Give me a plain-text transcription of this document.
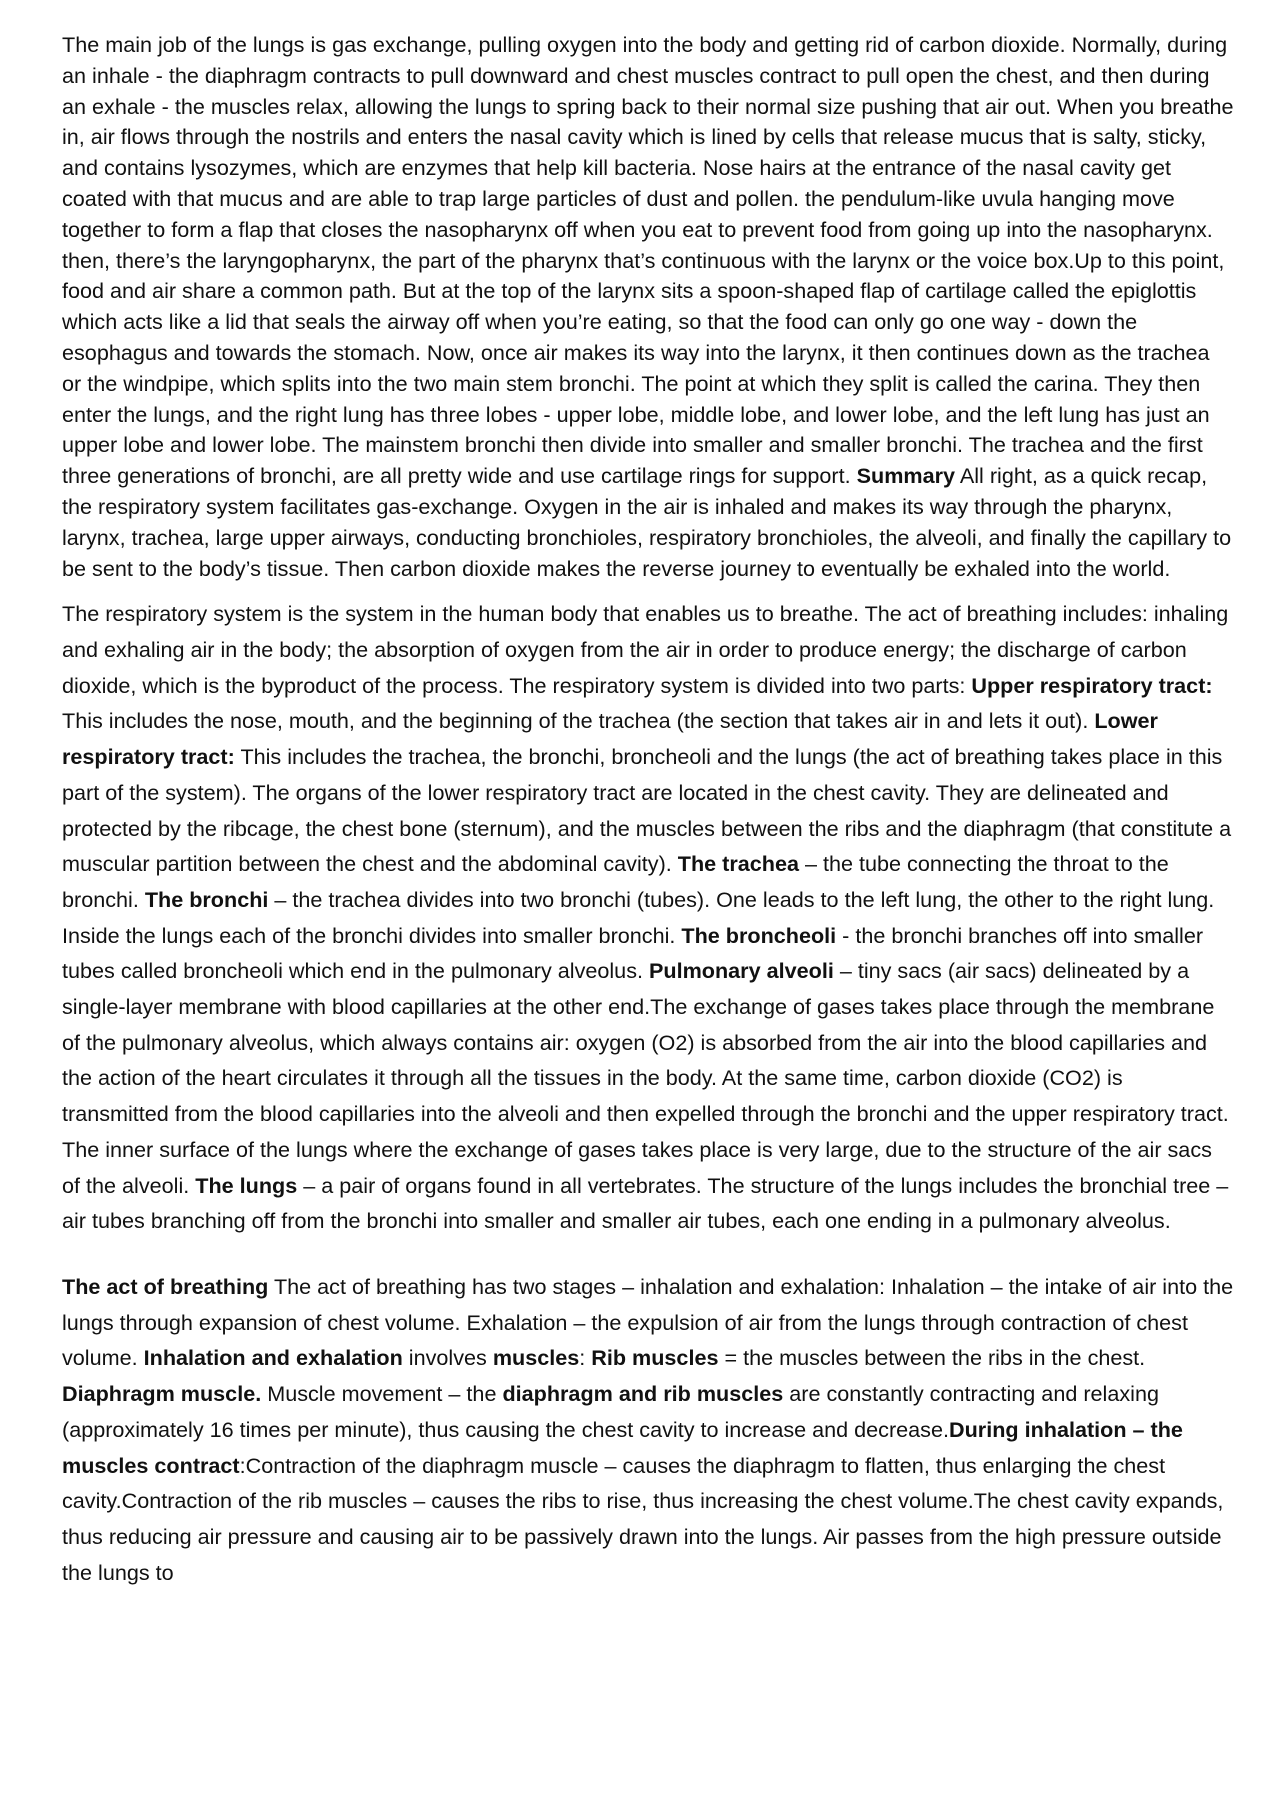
The main job of the lungs is gas exchange, pulling oxygen into the body and getting rid of carbon dioxide. Normally, during an inhale - the diaphragm contracts to pull downward and chest muscles contract to pull open the chest, and then during an exhale - the muscles relax, allowing the lungs to spring back to their normal size pushing that air out. When you breathe in, air flows through the nostrils and enters the nasal cavity which is lined by cells that release mucus that is salty, sticky, and contains lysozymes, which are enzymes that help kill bacteria. Nose hairs at the entrance of the nasal cavity get coated with that mucus and are able to trap large particles of dust and pollen. the pendulum-like uvula hanging move together to form a flap that closes the nasopharynx off when you eat to prevent food from going up into the nasopharynx. then, there’s the laryngopharynx, the part of the pharynx that’s continuous with the larynx or the voice box.Up to this point, food and air share a common path. But at the top of the larynx sits a spoon-shaped flap of cartilage called the epiglottis which acts like a lid that seals the airway off when you’re eating, so that the food can only go one way - down the esophagus and towards the stomach. Now, once air makes its way into the larynx, it then continues down as the trachea or the windpipe, which splits into the two main stem bronchi. The point at which they split is called the carina. They then enter the lungs, and the right lung has three lobes - upper lobe, middle lobe, and lower lobe, and the left lung has just an upper lobe and lower lobe. The mainstem bronchi then divide into smaller and smaller bronchi. The trachea and the first three generations of bronchi, are all pretty wide and use cartilage rings for support. Summary All right, as a quick recap, the respiratory system facilitates gas-exchange. Oxygen in the air is inhaled and makes its way through the pharynx, larynx, trachea, large upper airways, conducting bronchioles, respiratory bronchioles, the alveoli, and finally the capillary to be sent to the body’s tissue. Then carbon dioxide makes the reverse journey to eventually be exhaled into the world.

The respiratory system is the system in the human body that enables us to breathe. The act of breathing includes: inhaling and exhaling air in the body; the absorption of oxygen from the air in order to produce energy; the discharge of carbon dioxide, which is the byproduct of the process. The respiratory system is divided into two parts: Upper respiratory tract: This includes the nose, mouth, and the beginning of the trachea (the section that takes air in and lets it out). Lower respiratory tract: This includes the trachea, the bronchi, broncheoli and the lungs (the act of breathing takes place in this part of the system). The organs of the lower respiratory tract are located in the chest cavity. They are delineated and protected by the ribcage, the chest bone (sternum), and the muscles between the ribs and the diaphragm (that constitute a muscular partition between the chest and the abdominal cavity). The trachea – the tube connecting the throat to the bronchi. The bronchi – the trachea divides into two bronchi (tubes). One leads to the left lung, the other to the right lung. Inside the lungs each of the bronchi divides into smaller bronchi. The broncheoli - the bronchi branches off into smaller tubes called broncheoli which end in the pulmonary alveolus. Pulmonary alveoli – tiny sacs (air sacs) delineated by a single-layer membrane with blood capillaries at the other end.The exchange of gases takes place through the membrane of the pulmonary alveolus, which always contains air: oxygen (O2) is absorbed from the air into the blood capillaries and the action of the heart circulates it through all the tissues in the body. At the same time, carbon dioxide (CO2) is transmitted from the blood capillaries into the alveoli and then expelled through the bronchi and the upper respiratory tract. The inner surface of the lungs where the exchange of gases takes place is very large, due to the structure of the air sacs of the alveoli. The lungs – a pair of organs found in all vertebrates. The structure of the lungs includes the bronchial tree – air tubes branching off from the bronchi into smaller and smaller air tubes, each one ending in a pulmonary alveolus.

The act of breathing The act of breathing has two stages – inhalation and exhalation: Inhalation – the intake of air into the lungs through expansion of chest volume. Exhalation – the expulsion of air from the lungs through contraction of chest volume. Inhalation and exhalation involves muscles: Rib muscles = the muscles between the ribs in the chest. Diaphragm muscle. Muscle movement – the diaphragm and rib muscles are constantly contracting and relaxing (approximately 16 times per minute), thus causing the chest cavity to increase and decrease.During inhalation – the muscles contract:Contraction of the diaphragm muscle – causes the diaphragm to flatten, thus enlarging the chest cavity.Contraction of the rib muscles – causes the ribs to rise, thus increasing the chest volume.The chest cavity expands, thus reducing air pressure and causing air to be passively drawn into the lungs. Air passes from the high pressure outside the lungs to
